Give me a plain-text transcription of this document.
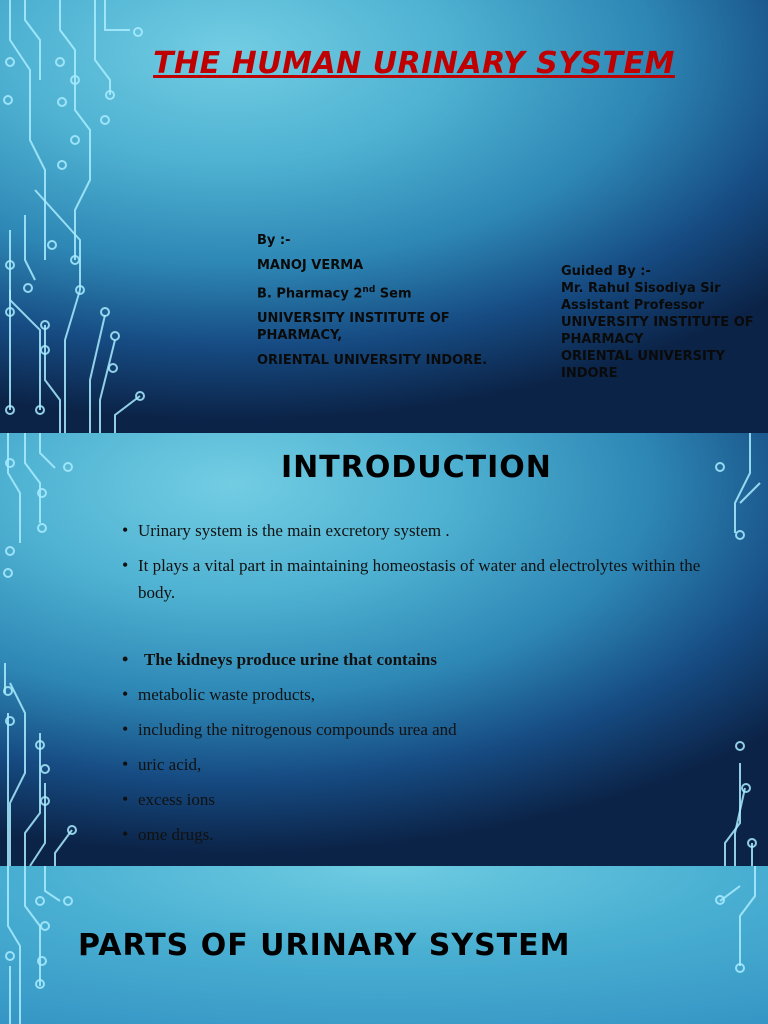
THE HUMAN URINARY SYSTEM
By :-
MANOJ VERMA
B. Pharmacy 2nd Sem
UNIVERSITY INSTITUTE OF PHARMACY,
ORIENTAL UNIVERSITY INDORE.
Guided By :-
Mr. Rahul Sisodiya Sir
Assistant Professor
UNIVERSITY INSTITUTE OF PHARMACY
ORIENTAL UNIVERSITY INDORE
INTRODUCTION
• Urinary system is the main excretory system .
• It plays a vital part in maintaining homeostasis of water and electrolytes within the body.
• The kidneys produce urine that contains
• metabolic waste products,
• including the nitrogenous compounds urea and
• uric acid,
• excess ions
• ome drugs.
PARTS OF URINARY SYSTEM
